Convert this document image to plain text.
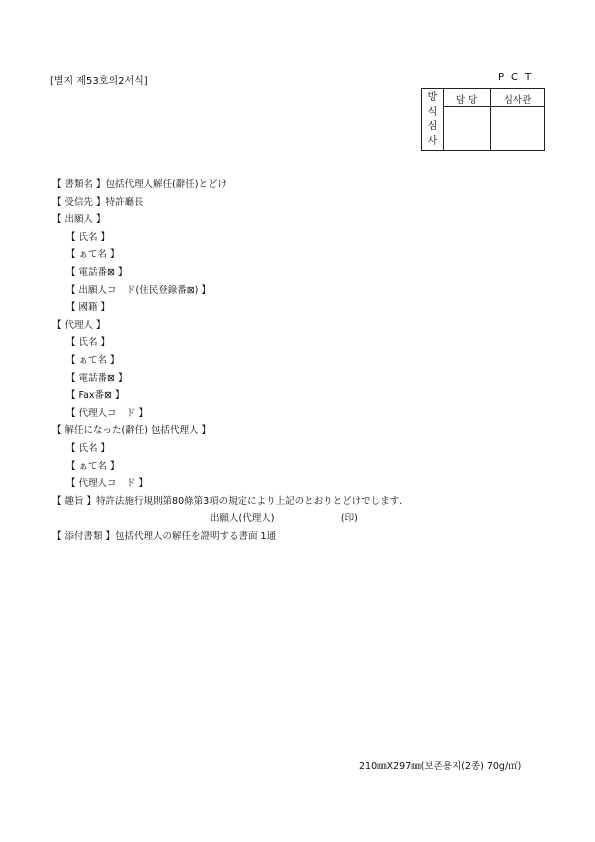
[별지 제53호의2서식]	PCT
방
식
심
사
담 당	심사관
【 書類名 】包括代理人解任(辭任)とどけ
【 受信先 】特許廳長
【 出願人 】
【 氏名 】
【 ぁて名 】
【 電話番⊠ 】
【 出願人コ　ド(住民登錄番⊠) 】
【 國籍 】
【 代理人 】
【 氏名 】
【 ぁて名 】
【 電話番⊠ 】
【 Fax番⊠ 】
【 代理人コ　ド 】
【 解任になった(辭任) 包括代理人 】
【 氏名 】
【 ぁて名 】
【 代理人コ　ド 】
【 趣旨 】特許法施行規則第80條第3項の規定により上記のとおりとどけでします.
出願人(代理人)　　　　　　　(印)
【 添付書類 】包括代理人の解任を證明する書面 1通
210㎜X297㎜(보존용지(2종) 70g/㎡)
